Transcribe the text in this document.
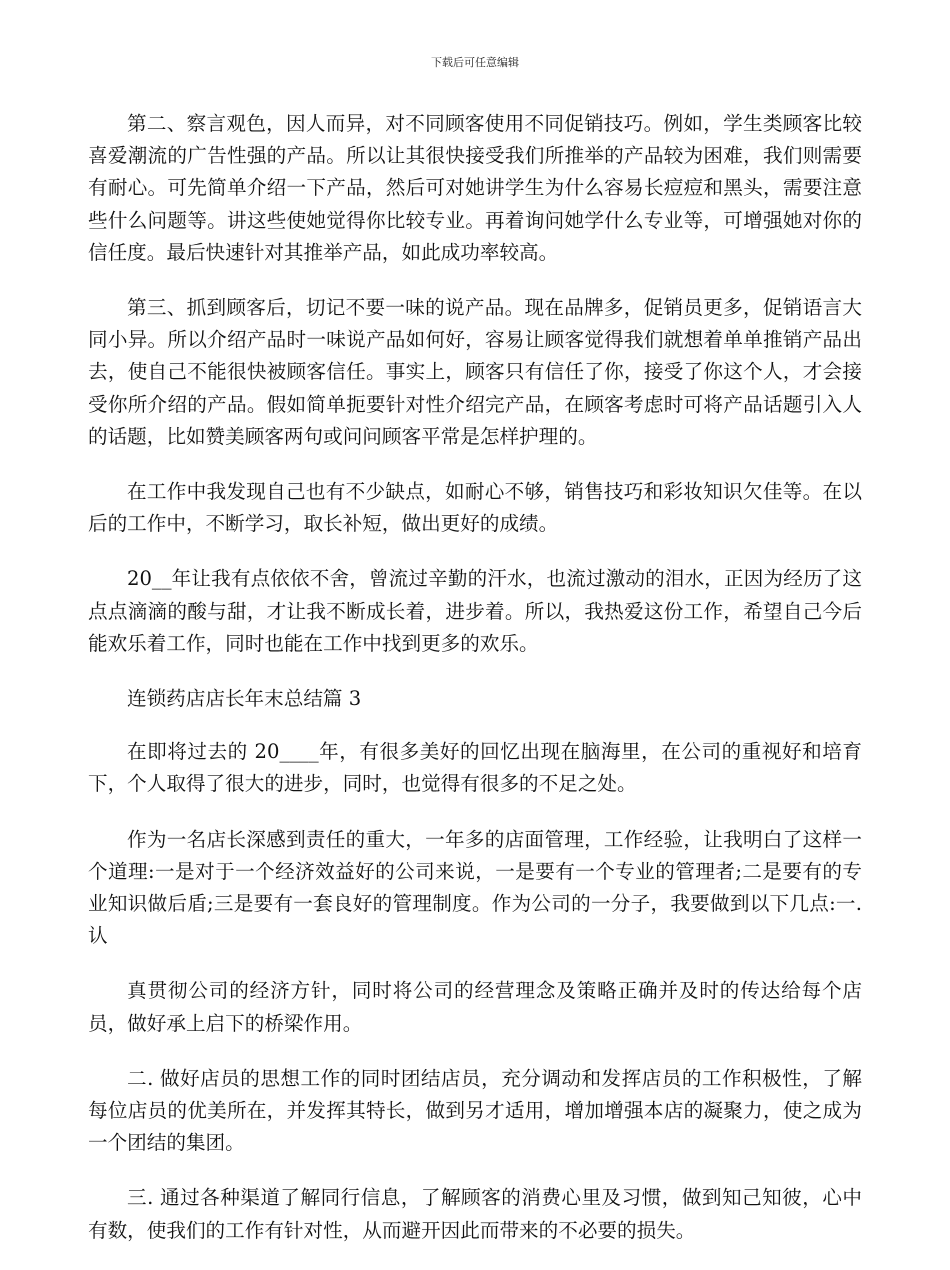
下载后可任意编辑

第二、察言观色，因人而异，对不同顾客使用不同促销技巧。例如，学生类顾客比较喜爱潮流的广告性强的产品。所以让其很快接受我们所推举的产品较为困难，我们则需要有耐心。可先简单介绍一下产品，然后可对她讲学生为什么容易长痘痘和黑头，需要注意些什么问题等。讲这些使她觉得你比较专业。再着询问她学什么专业等，可增强她对你的信任度。最后快速针对其推举产品，如此成功率较高。

第三、抓到顾客后，切记不要一味的说产品。现在品牌多，促销员更多，促销语言大同小异。所以介绍产品时一味说产品如何好，容易让顾客觉得我们就想着单单推销产品出去，使自己不能很快被顾客信任。事实上，顾客只有信任了你，接受了你这个人，才会接受你所介绍的产品。假如简单扼要针对性介绍完产品，在顾客考虑时可将产品话题引入人的话题，比如赞美顾客两句或问问顾客平常是怎样护理的。

在工作中我发现自己也有不少缺点，如耐心不够，销售技巧和彩妆知识欠佳等。在以后的工作中，不断学习，取长补短，做出更好的成绩。

20__年让我有点依依不舍，曾流过辛勤的汗水，也流过激动的泪水，正因为经历了这点点滴滴的酸与甜，才让我不断成长着，进步着。所以，我热爱这份工作，希望自己今后能欢乐着工作，同时也能在工作中找到更多的欢乐。

连锁药店店长年末总结篇 3

在即将过去的 20____年，有很多美好的回忆出现在脑海里，在公司的重视好和培育下，个人取得了很大的进步，同时，也觉得有很多的不足之处。

作为一名店长深感到责任的重大，一年多的店面管理，工作经验，让我明白了这样一个道理:一是对于一个经济效益好的公司来说，一是要有一个专业的管理者;二是要有的专业知识做后盾;三是要有一套良好的管理制度。作为公司的一分子，我要做到以下几点:一. 认

真贯彻公司的经济方针，同时将公司的经营理念及策略正确并及时的传达给每个店员，做好承上启下的桥梁作用。

二. 做好店员的思想工作的同时团结店员，充分调动和发挥店员的工作积极性，了解每位店员的优美所在，并发挥其特长，做到另才适用，增加增强本店的凝聚力，使之成为一个团结的集团。

三. 通过各种渠道了解同行信息，了解顾客的消费心里及习惯，做到知己知彼，心中有数，使我们的工作有针对性，从而避开因此而带来的不必要的损失。
